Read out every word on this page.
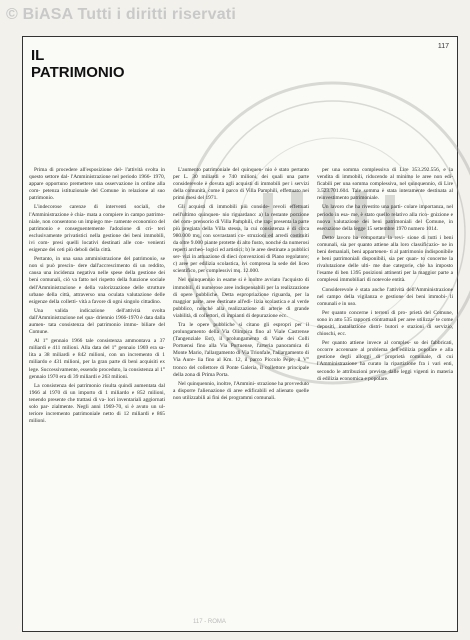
© BiASA Tutti i diritti riservati
117
IL
PATRIMONIO

Prima di procedere all'esposizione del- l'attività svolta in questo settore dal- l'Amministrazione nel periodo 1966- 1970, appare opportuno premettere una osservazione in ordine alla com- petenza istituzionale del Comune in relazione al suo patrimonio.

L'indecorose carenze di interventi sociali, che l'Amministrazione è chia- mata a compiere in campo patrimo- niale, non consentono un impiego me- ramente economico del patrimonio e conseguentemente l'adozione di cri- teri esclusivamente privatistici nella gestione dei beni immobili, ivi com- presi quelli locativi destinati alle con- venienti esigenze dei ceti più deboli della città.

Pertanto, in una sana amministrazione del patrimonio, se non si può prescin- dere dall'accrescimento di un reddito, causa una incidenza negativa nelle spese della gestione dei beni comunali, ciò va fatto nel rispetto della funzione sociale dell'Amministrazione e della valorizzazione delle strutture urbane della città, attraverso una oculata valutazione delle esigenze della colletti- vità a favore di ogni singolo cittadino.

Una valida indicazione dell'attività svolta dall'Amministrazione nel qua- driennio 1966-1970 è data dalla aumen- tata consistenza del patrimonio immo- biliare del Comune.

Al 1° gennaio 1966 tale consistenza ammontava a 37 miliardi e 411 milioni. Alla data del 1° gennaio 1969 era sa- lita a 38 miliardi e 842 milioni, con un incremento di 1 miliardo e 431 milioni, per la gran parte di beni acquisiti ex lege. Successivamente, essendo proceduto, la consistenza al 1° gennaio 1970 era di 39 miliardi e 263 milioni.

La consistenza dei patrimonio risulta quindi aumentata dal 1966 al 1970 di un importo di 1 miliardo e 852 milioni, tenendo presente che trattasi di va- lori inventariali aggiornati solo par- zialmente. Negli anni 1969-70, si è avuto un ul- teriore incremento patrimoniale netto di 12 miliardi e 865 milioni.

L'aumento patrimoniale del quinquen- nio è stato pertanto per L. 30 miliardi e 740 milioni, dei quali una parte considerevole è dovuta agli acquisti di immobili per i servizi della comunità, come il parco di Villa Pamphili, effettuato nei primi mesi del 1971.

Gli acquisti di immobili più conside- revoli effettuati nell'ultimo quinquen- nio riguardano: a) la restante porzione del com- prensorio di Villa Pamphili, che rap- presenta la parte più pregiata della Villa stessa, la cui consistenza è di circa 980.000 mq, con sovrastanti co- struzioni ed arredi costituiti da oltre 9.000 piante protette di alto fusto, nonché da numerosi reperti archeo- logici ed artistici; b) le aree destinate a pubblici ser- vizi in attuazione di dieci convenzioni di Piano regolatore; c) aree per edilizia scolastica, ivi compresa la sede del liceo scientifico, per complessivi mq. 12.000.

Nel quinquennio in esame si è inoltre avviato l'acquisto di immobili, di numerose aree indispensabili per la realizzazione di opere pubbliche. Detta espropriazione riguarda, per la maggior parte, aree destinate all'edi- lizia scolastica e al verde pubblico, nonché alla realizzazione di arterie di grande viabilità, di collettori, di impianti di depurazione ecc.

Tra le opere pubbliche si citano gli espropri per il prolungamento della Via Olimpica fino al Viale Castrense (Tangenziale Est), il prolungamento di Viale dei Colli Portuensi fino alla Via Portuense, l'arteria panoramica di Monte Mario, l'allargamento di Via Trionfale, l'allargamento di Via Aure- lia fino al Km. 12, il parco Piccolo Pepe, il V° tronco del collettore di Ponte Galeria, il collettore principale della zona di Prima Porta.

Nel quinquennio, inoltre, l'Ammini- strazione ha provveduto a disporre l'alienazione di aree edificabili ed alienato quelle non utilizzabili ai fini dei programmi comunali.

per una somma complessiva di Lire 353.292.556, e la vendita di immobili, riducendo al minimo le aree non edi- ficabili per una somma complessiva, nel quinquennio, di Lire 3.523.701.604. Tale somma è stata interamente destinata al reinvestimento patrimoniale.

Un lavoro che ha rivestito una parti- colare importanza, nel periodo in esa- me, è stato quello relativo alla rico- gnizione e nuova valutazione dei beni patrimoniali del Comune, in esecuzione della legge 15 settembre 1970 numero 1014.

Detto lavoro ha comportato la revi- sione di tutti i beni comunali, sia per quanto attiene alla loro classificazio- ne in beni demaniali, beni appartenen- ti al patrimonio indisponibile e beni patrimoniali disponibili, sia per quan- to concerne la rivalutazione delle ulti- me due categorie, che ha imposto l'esame di ben 1395 posizioni attinenti per la maggior parte a complessi immobiliari di notevole entità.

Considerevole è stata anche l'attività dell'Amministrazione nel campo della vigilanza e gestione dei beni immobi- li comunali e in uso.

Per quanto concerne i terreni di pro- prietà del Comune, sono in atto 535 rapporti contrattuali per aree utilizza- te come depositi, installazione distri- butori e stazioni di servizio, chioschi, ecc.

Per quanto attiene invece al comples- so dei fabbricati, occorre accennare al problema dell'edilizia popolare e alla gestione degli alloggi di proprietà comunale, di cui l'Amministrazione ha curato la ripartizione fra i vari enti, secondo le attribuzioni previste dalle leggi vigenti in materia di edilizia economica e popolare.

117 - ROMA
